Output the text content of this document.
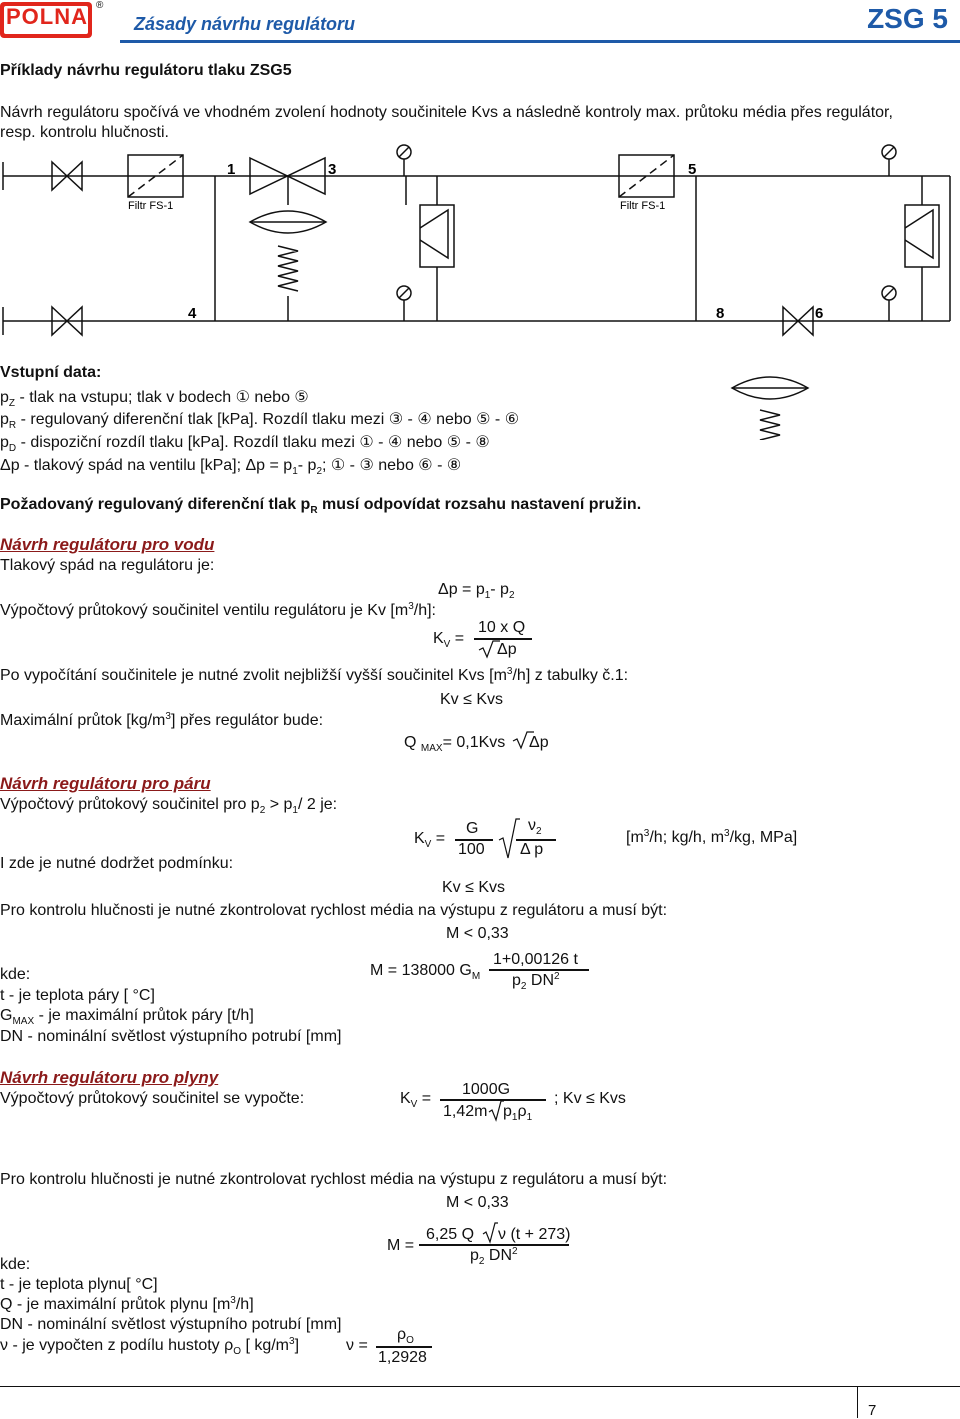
POLNA ®
Zásady návrhu regulátoru	ZSG 5
Příklady návrhu regulátoru tlaku ZSG5
Návrh regulátoru spočívá ve vhodném zvolení hodnoty součinitele Kvs a následně kontroly max. průtoku média přes regulátor,
resp. kontrolu hlučnosti.
1	3	5
4	8	6
Filtr FS-1	Filtr FS-1
Vstupní data:
$p_Z$ - tlak na vstupu; tlak v bodech ① nebo ⑤
$p_R$ - regulovaný diferenční tlak [kPa]. Rozdíl tlaku mezi ③ - ④ nebo ⑤ - ⑥
$p_D$ - dispoziční rozdíl tlaku [kPa]. Rozdíl tlaku mezi ① - ④ nebo ⑤ - ⑧
Δp - tlakový spád na ventilu [kPa]; $\Delta p = p_1-$ $p_2$; ① - ③ nebo ⑥ - ⑧
Požadovaný regulovaný diferenční tlak $p_R$ musí odpovídat rozsahu nastavení pružin.
Návrh regulátoru pro vodu
Tlakový spád na regulátoru je:
$\Delta p = p_1-$ $p_2$
Výpočtový průtokový součinitel ventilu regulátoru je Kv $[m^3/h]$:
$K_V$ =
10 x Q
Δp
Po vypočítání součinitele je nutné zvolit nejbližší vyšší součinitel Kvs $[m^3/h]$ z tabulky č.1:
Kv ≤ Kvs
Maximální průtok $[kg/m^3]$ přes regulátor bude:
Q $_{MAX}$= 0,1Kvs Δp
Návrh regulátoru pro páru
Výpočtový průtokový součinitel pro $p_2 > p_1/$ 2 je:
$K_V$ =
G
100
$\nu_2$
Δ p
[$m^3/h$; kg/h, $m^3/kg$, MPa]
I zde je nutné dodržet podmínku:
Kv ≤ Kvs
Pro kontrolu hlučnosti je nutné zkontrolovat rychlost média na výstupu z regulátoru a musí být:
M < 0,33
M = 138000 $G_M$
1+0,00126 t
$p_2$ $DN^2$
kde:
t - je teplota páry [ °C]
$G_{MAX}$ - je maximální průtok páry [t/h]
DN - nominální světlost výstupního potrubí [mm]
Návrh regulátoru pro plyny
Výpočtový průtokový součinitel se vypočte:	$K_V$ =
1000G
1,42m $p_1\rho_1$
; Kv ≤ Kvs
Pro kontrolu hlučnosti je nutné zkontrolovat rychlost média na výstupu z regulátoru a musí být:
M < 0,33
M =
6,25 Q ν (t + 273)
$p_2$ $DN^2$
kde:
t - je teplota plynu[ °C]
Q - je maximální průtok plynu $[m^3/h]$
DN - nominální světlost výstupního potrubí [mm]
ν - je vypočten z podílu hustoty $\rho_O$ [ $kg/m^3$]	ν =
$\rho_O$
1,2928
7
